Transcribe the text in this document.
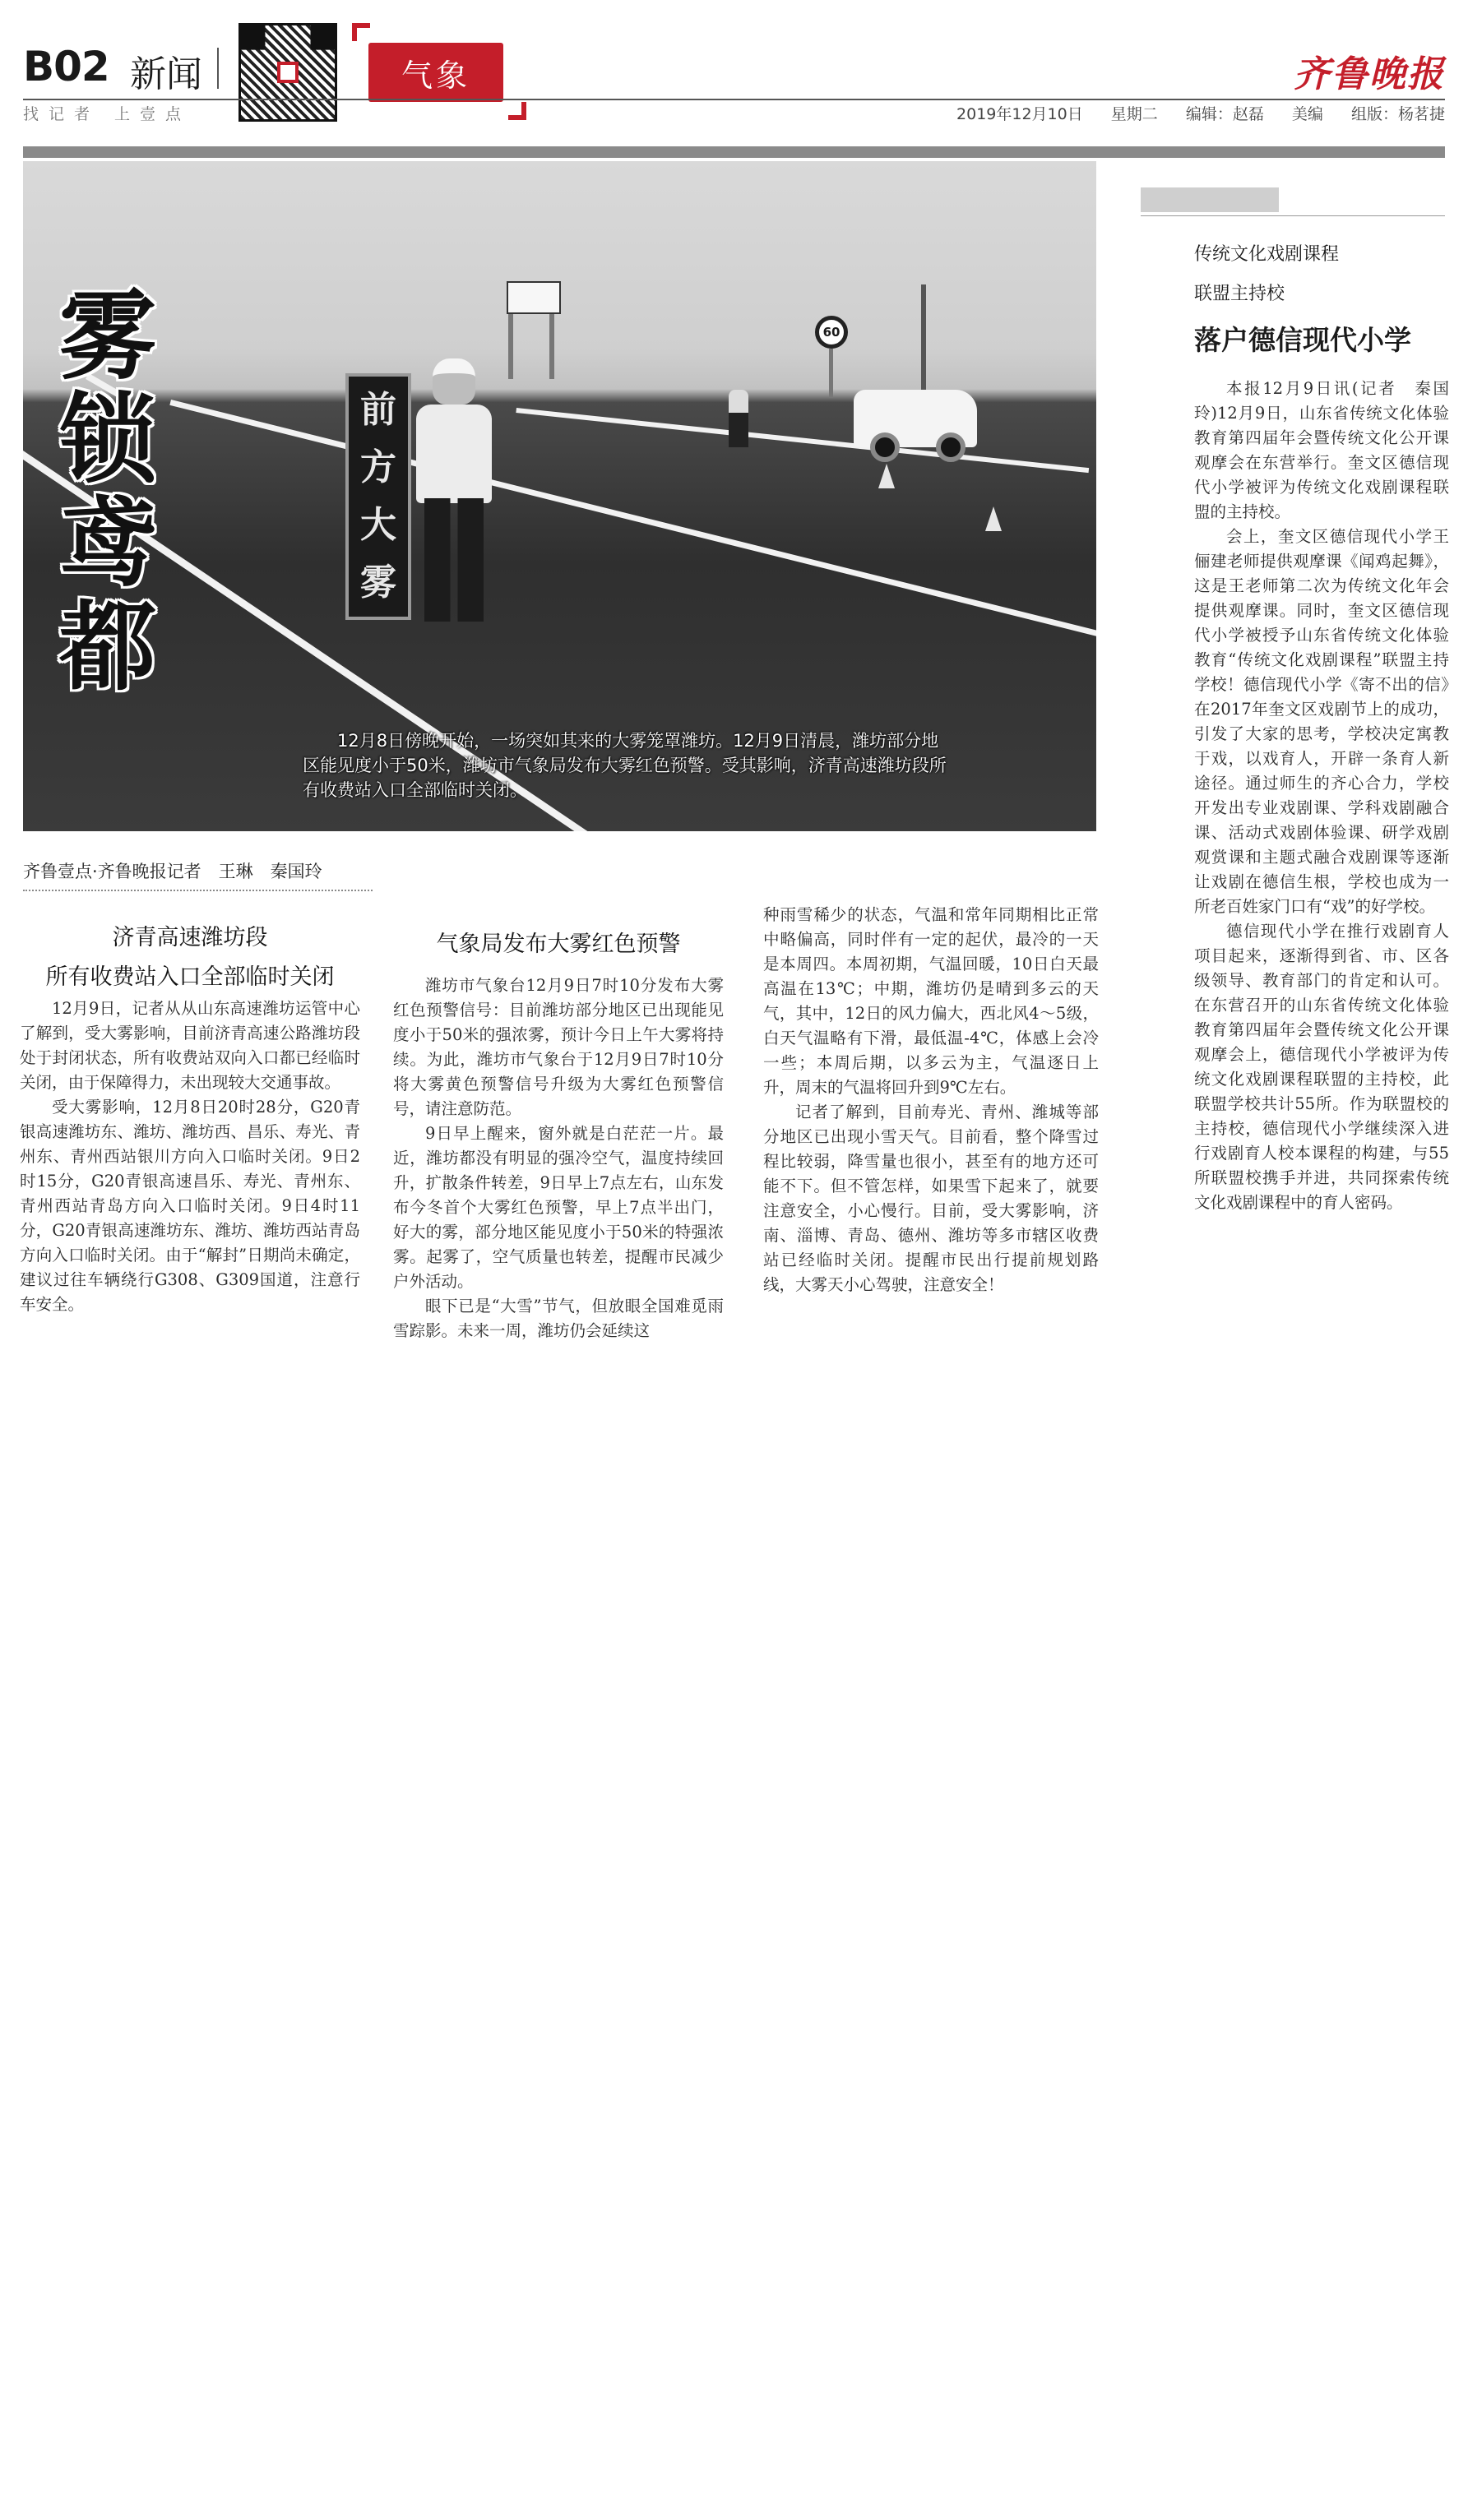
B02 新闻
找记者 上壹点
气象	齐鲁晚报
2019年12月10日 星期二 编辑：赵磊 美编 组版：杨茗捷
60
前
方
大
雾
雾锁鸢都
12月8日傍晚开始，一场突如其来的大雾笼罩潍坊。12月9日清晨，潍坊部分地区能见度小于50米，潍坊市气象局发布大雾红色预警。受其影响，济青高速潍坊段所有收费站入口全部临时关闭。
齐鲁壹点·齐鲁晚报记者　王琳　秦国玲
济青高速潍坊段
所有收费站入口全部临时关闭

12月9日，记者从从山东高速潍坊运管中心了解到，受大雾影响，目前济青高速公路潍坊段处于封闭状态，所有收费站双向入口都已经临时关闭，由于保障得力，未出现较大交通事故。

受大雾影响，12月8日20时28分，G20青银高速潍坊东、潍坊、潍坊西、昌乐、寿光、青州东、青州西站银川方向入口临时关闭。9日2时15分，G20青银高速昌乐、寿光、青州东、青州西站青岛方向入口临时关闭。9日4时11分，G20青银高速潍坊东、潍坊、潍坊西站青岛方向入口临时关闭。由于“解封”日期尚未确定，建议过往车辆绕行G308、G309国道，注意行车安全。

气象局发布大雾红色预警

潍坊市气象台12月9日7时10分发布大雾红色预警信号：目前潍坊部分地区已出现能见度小于50米的强浓雾，预计今日上午大雾将持续。为此，潍坊市气象台于12月9日7时10分将大雾黄色预警信号升级为大雾红色预警信号，请注意防范。

9日早上醒来，窗外就是白茫茫一片。最近，潍坊都没有明显的强冷空气，温度持续回升，扩散条件转差，9日早上7点左右，山东发布今冬首个大雾红色预警，早上7点半出门，好大的雾，部分地区能见度小于50米的特强浓雾。起雾了，空气质量也转差，提醒市民减少户外活动。

眼下已是“大雪”节气，但放眼全国难觅雨雪踪影。未来一周，潍坊仍会延续这

种雨雪稀少的状态，气温和常年同期相比正常中略偏高，同时伴有一定的起伏，最冷的一天是本周四。本周初期，气温回暖，10日白天最高温在13℃；中期，潍坊仍是晴到多云的天气，其中，12日的风力偏大，西北风4～5级，白天气温略有下滑，最低温-4℃，体感上会冷一些；本周后期，以多云为主，气温逐日上升，周末的气温将回升到9℃左右。

记者了解到，目前寿光、青州、潍城等部分地区已出现小雪天气。目前看，整个降雪过程比较弱，降雪量也很小，甚至有的地方还可能不下。但不管怎样，如果雪下起来了，就要注意安全，小心慢行。目前，受大雾影响，济南、淄博、青岛、德州、潍坊等多市辖区收费站已经临时关闭。提醒市民出行提前规划路线，大雾天小心驾驶，注意安全！

传统文化戏剧课程
联盟主持校
落户德信现代小学

本报12月9日讯(记者　秦国玲)12月9日，山东省传统文化体验教育第四届年会暨传统文化公开课观摩会在东营举行。奎文区德信现代小学被评为传统文化戏剧课程联盟的主持校。

会上，奎文区德信现代小学王俪建老师提供观摩课《闻鸡起舞》，这是王老师第二次为传统文化年会提供观摩课。同时，奎文区德信现代小学被授予山东省传统文化体验教育“传统文化戏剧课程”联盟主持学校！德信现代小学《寄不出的信》在2017年奎文区戏剧节上的成功，引发了大家的思考，学校决定寓教于戏，以戏育人，开辟一条育人新途径。通过师生的齐心合力，学校开发出专业戏剧课、学科戏剧融合课、活动式戏剧体验课、研学戏剧观赏课和主题式融合戏剧课等逐渐让戏剧在德信生根，学校也成为一所老百姓家门口有“戏”的好学校。

德信现代小学在推行戏剧育人项目起来，逐渐得到省、市、区各级领导、教育部门的肯定和认可。在东营召开的山东省传统文化体验教育第四届年会暨传统文化公开课观摩会上，德信现代小学被评为传统文化戏剧课程联盟的主持校，此联盟学校共计55所。作为联盟校的主持校，德信现代小学继续深入进行戏剧育人校本课程的构建，与55所联盟校携手并进，共同探索传统文化戏剧课程中的育人密码。
